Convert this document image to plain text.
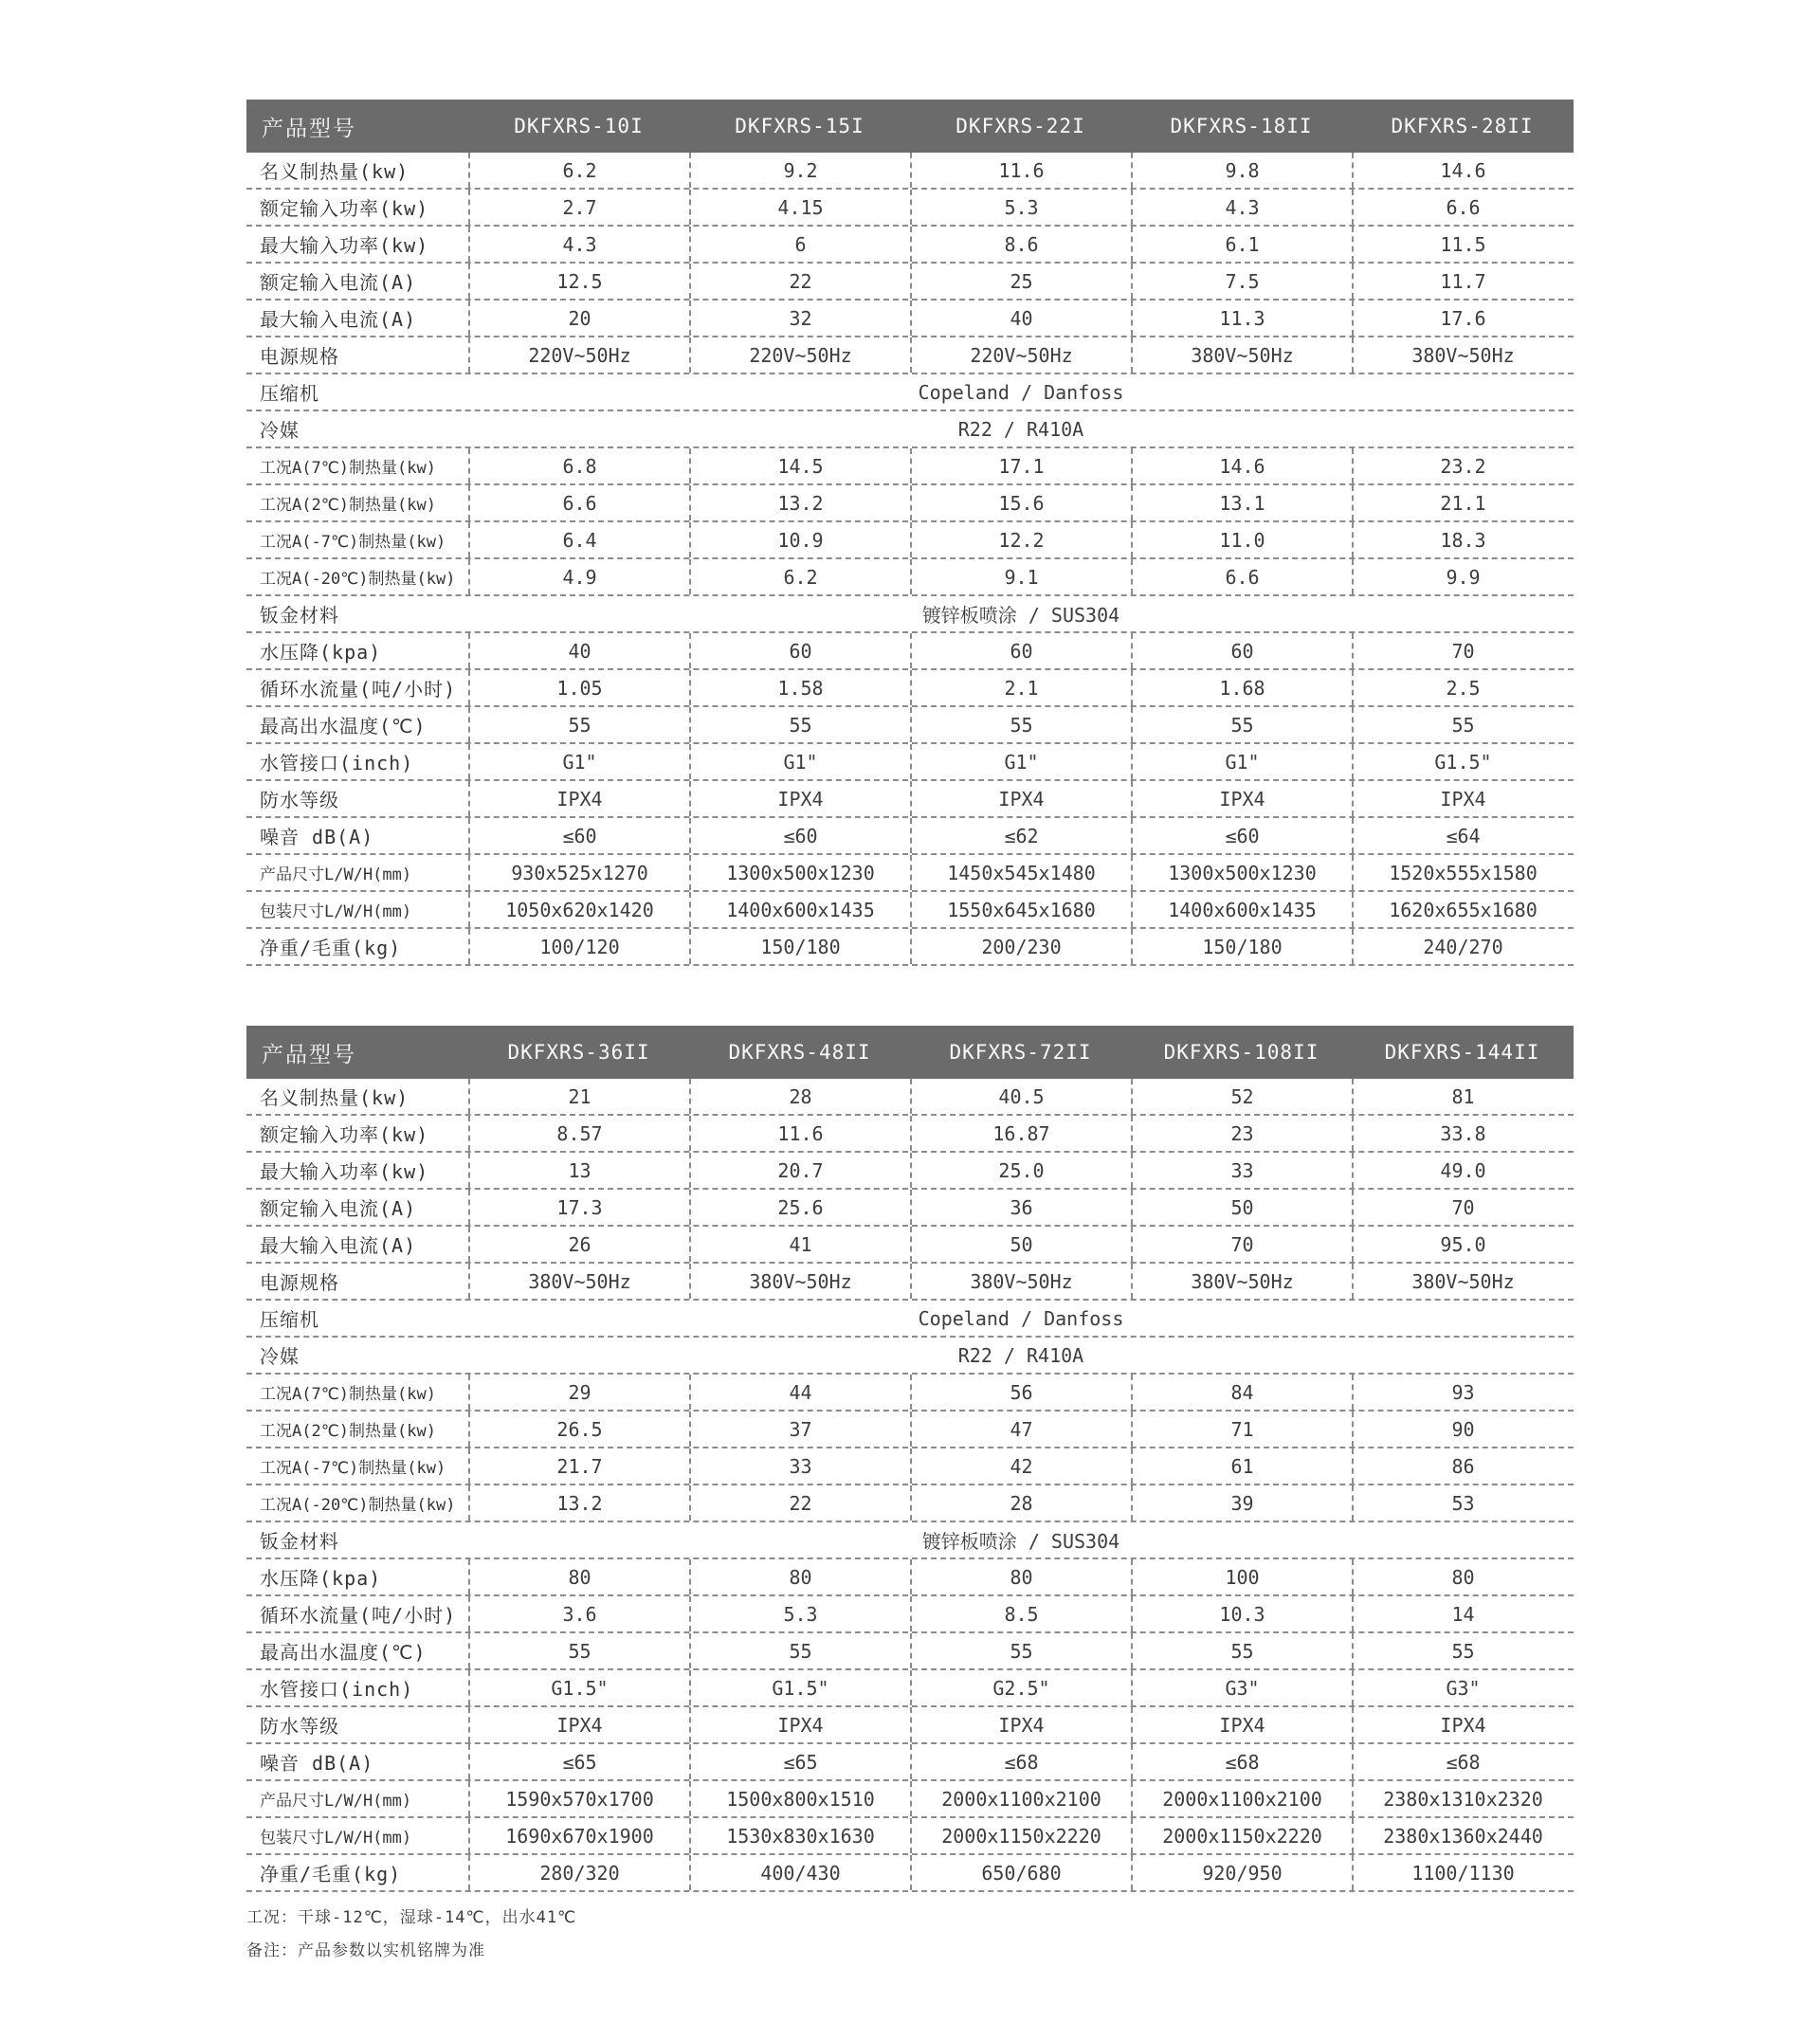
产品型号	DKFXRS-10I	DKFXRS-15I	DKFXRS-22I	DKFXRS-18II	DKFXRS-28II
名义制热量(kw)	6.2	9.2	11.6	9.8	14.6
额定输入功率(kw)	2.7	4.15	5.3	4.3	6.6
最大输入功率(kw)	4.3	6	8.6	6.1	11.5
额定输入电流(A)	12.5	22	25	7.5	11.7
最大输入电流(A)	20	32	40	11.3	17.6
电源规格	220V~50Hz	220V~50Hz	220V~50Hz	380V~50Hz	380V~50Hz
压缩机	Copeland / Danfoss
冷媒	R22 / R410A
工况A(7℃)制热量(kw)	6.8	14.5	17.1	14.6	23.2
工况A(2℃)制热量(kw)	6.6	13.2	15.6	13.1	21.1
工况A(-7℃)制热量(kw)	6.4	10.9	12.2	11.0	18.3
工况A(-20℃)制热量(kw)	4.9	6.2	9.1	6.6	9.9
钣金材料	镀锌板喷涂 / SUS304
水压降(kpa)	40	60	60	60	70
循环水流量(吨/小时)	1.05	1.58	2.1	1.68	2.5
最高出水温度(℃)	55	55	55	55	55
水管接口(inch)	G1"	G1"	G1"	G1"	G1.5"
防水等级	IPX4	IPX4	IPX4	IPX4	IPX4
噪音 dB(A)	≤60	≤60	≤62	≤60	≤64
产品尺寸L/W/H(mm)	930x525x1270	1300x500x1230	1450x545x1480	1300x500x1230	1520x555x1580
包装尺寸L/W/H(mm)	1050x620x1420	1400x600x1435	1550x645x1680	1400x600x1435	1620x655x1680
净重/毛重(kg)	100/120	150/180	200/230	150/180	240/270
产品型号	DKFXRS-36II	DKFXRS-48II	DKFXRS-72II	DKFXRS-108II	DKFXRS-144II
名义制热量(kw)	21	28	40.5	52	81
额定输入功率(kw)	8.57	11.6	16.87	23	33.8
最大输入功率(kw)	13	20.7	25.0	33	49.0
额定输入电流(A)	17.3	25.6	36	50	70
最大输入电流(A)	26	41	50	70	95.0
电源规格	380V~50Hz	380V~50Hz	380V~50Hz	380V~50Hz	380V~50Hz
压缩机	Copeland / Danfoss
冷媒	R22 / R410A
工况A(7℃)制热量(kw)	29	44	56	84	93
工况A(2℃)制热量(kw)	26.5	37	47	71	90
工况A(-7℃)制热量(kw)	21.7	33	42	61	86
工况A(-20℃)制热量(kw)	13.2	22	28	39	53
钣金材料	镀锌板喷涂 / SUS304
水压降(kpa)	80	80	80	100	80
循环水流量(吨/小时)	3.6	5.3	8.5	10.3	14
最高出水温度(℃)	55	55	55	55	55
水管接口(inch)	G1.5"	G1.5"	G2.5"	G3"	G3"
防水等级	IPX4	IPX4	IPX4	IPX4	IPX4
噪音 dB(A)	≤65	≤65	≤68	≤68	≤68
产品尺寸L/W/H(mm)	1590x570x1700	1500x800x1510	2000x1100x2100	2000x1100x2100	2380x1310x2320
包装尺寸L/W/H(mm)	1690x670x1900	1530x830x1630	2000x1150x2220	2000x1150x2220	2380x1360x2440
净重/毛重(kg)	280/320	400/430	650/680	920/950	1100/1130
工况：干球-12℃，湿球-14℃，出水41℃
备注：产品参数以实机铭牌为准
